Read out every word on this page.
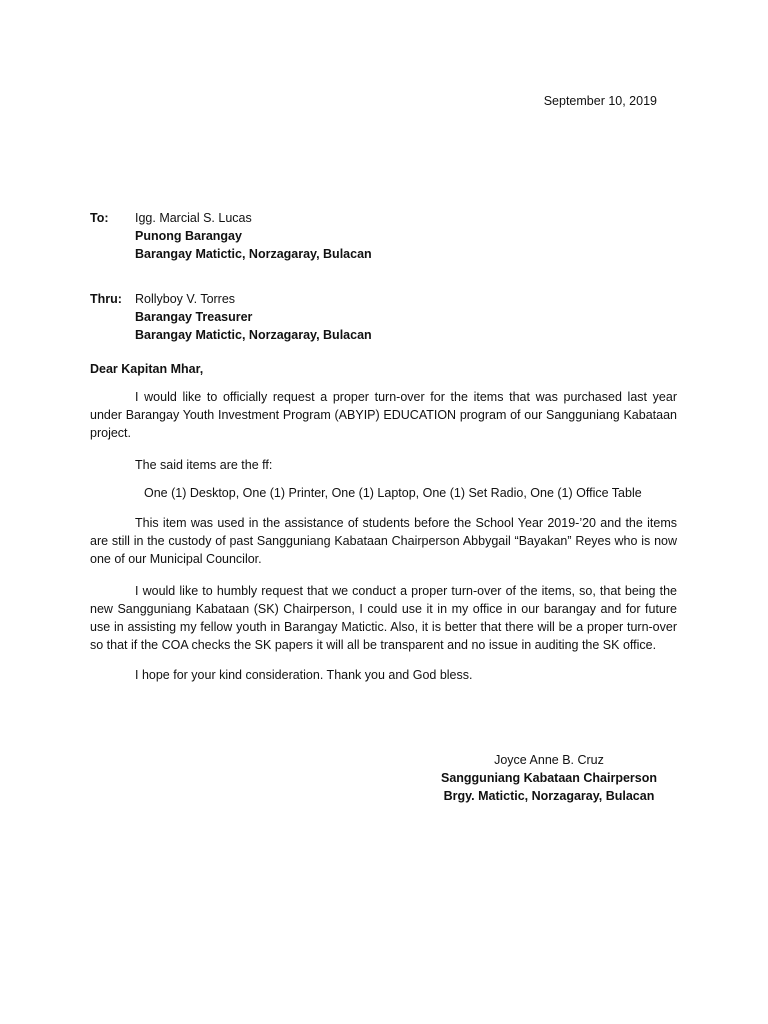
September 10, 2019
To: Igg. Marcial S. Lucas
Punong Barangay
Barangay Matictic, Norzagaray, Bulacan
Thru: Rollyboy V. Torres
Barangay Treasurer
Barangay Matictic, Norzagaray, Bulacan
Dear Kapitan Mhar,

I would like to officially request a proper turn-over for the items that was purchased last year under Barangay Youth Investment Program (ABYIP) EDUCATION program of our Sangguniang Kabataan project.

The said items are the ff:

One (1) Desktop, One (1) Printer, One (1) Laptop, One (1) Set Radio, One (1) Office Table

This item was used in the assistance of students before the School Year 2019-’20 and the items are still in the custody of past Sangguniang Kabataan Chairperson Abbygail “Bayakan” Reyes who is now one of our Municipal Councilor.

I would like to humbly request that we conduct a proper turn-over of the items, so, that being the new Sangguniang Kabataan (SK) Chairperson, I could use it in my office in our barangay and for future use in assisting my fellow youth in Barangay Matictic. Also, it is better that there will be a proper turn-over so that if the COA checks the SK papers it will all be transparent and no issue in auditing the SK office.

I hope for your kind consideration. Thank you and God bless.

Joyce Anne B. Cruz
Sangguniang Kabataan Chairperson
Brgy. Matictic, Norzagaray, Bulacan
